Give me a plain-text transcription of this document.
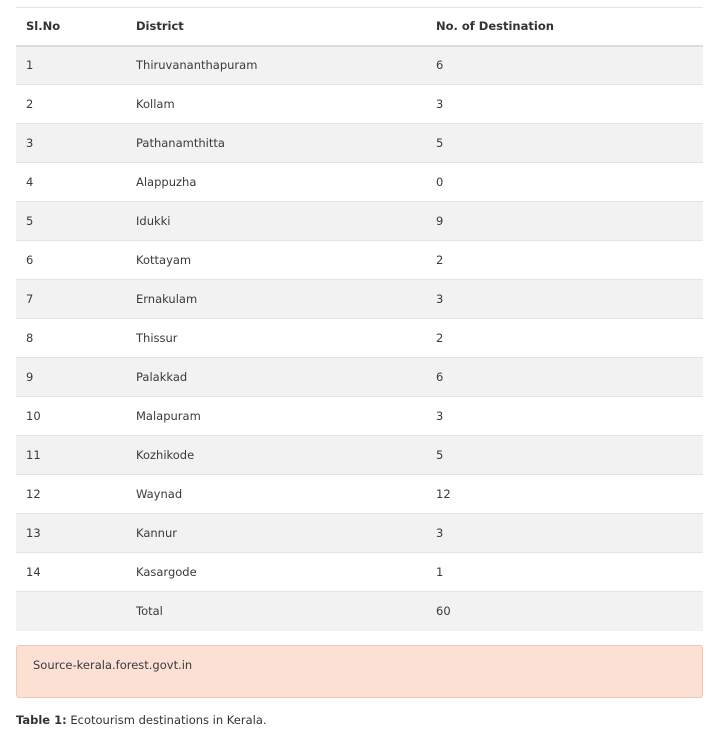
Sl.No	District	No. of Destination
1	Thiruvananthapuram	6
2	Kollam	3
3	Pathanamthitta	5
4	Alappuzha	0
5	Idukki	9
6	Kottayam	2
7	Ernakulam	3
8	Thissur	2
9	Palakkad	6
10	Malapuram	3
11	Kozhikode	5
12	Waynad	12
13	Kannur	3
14	Kasargode	1
	Total	60
Source-kerala.forest.govt.in
Table 1: Ecotourism destinations in Kerala.
